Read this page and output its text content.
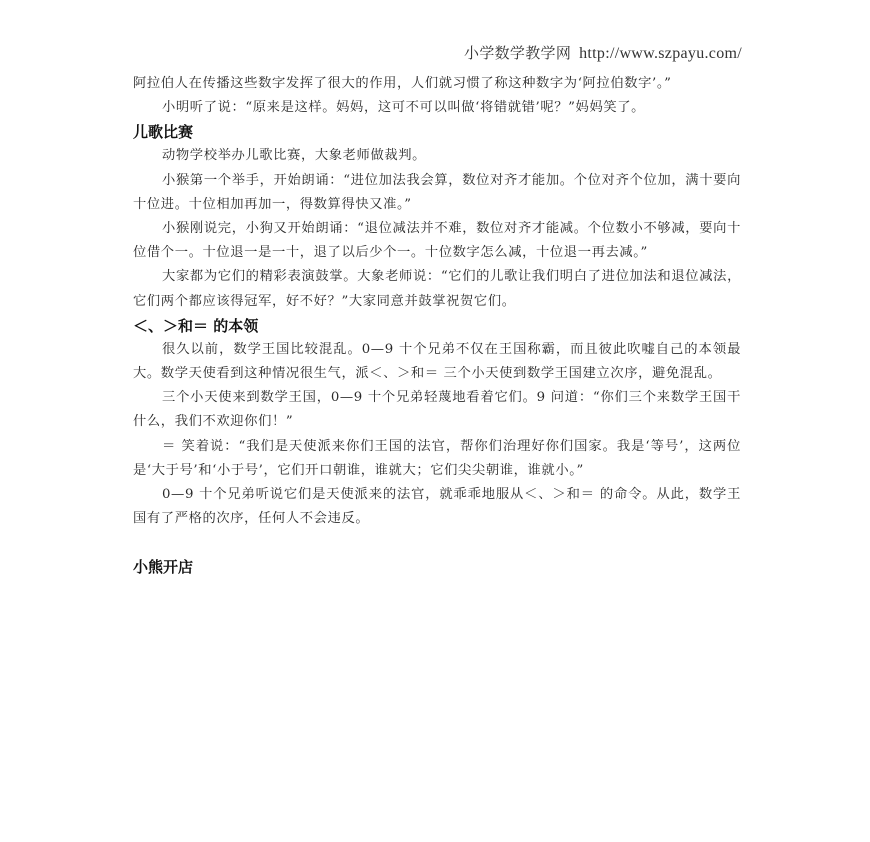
小学数学教学网 http://www.szpayu.com/

阿拉伯人在传播这些数字发挥了很大的作用，人们就习惯了称这种数字为‘阿拉伯数字’。”

小明听了说：“原来是这样。妈妈，这可不可以叫做‘将错就错’呢？”妈妈笑了。

儿歌比赛

动物学校举办儿歌比赛，大象老师做裁判。

小猴第一个举手，开始朗诵：“进位加法我会算，数位对齐才能加。个位对齐个位加，满十要向十位进。十位相加再加一，得数算得快又准。”

小猴刚说完，小狗又开始朗诵：“退位减法并不难，数位对齐才能减。个位数小不够减，要向十位借个一。十位退一是一十，退了以后少个一。十位数字怎么减，十位退一再去减。”

大家都为它们的精彩表演鼓掌。大象老师说：“它们的儿歌让我们明白了进位加法和退位减法，它们两个都应该得冠军，好不好？”大家同意并鼓掌祝贺它们。

＜、＞和＝ 的本领

很久以前，数学王国比较混乱。0—9 十个兄弟不仅在王国称霸，而且彼此吹嘘自己的本领最大。数学天使看到这种情况很生气，派＜、＞和＝ 三个小天使到数学王国建立次序，避免混乱。

三个小天使来到数学王国，0—9 十个兄弟轻蔑地看着它们。9 问道：“你们三个来数学王国干什么，我们不欢迎你们！”

＝ 笑着说：“我们是天使派来你们王国的法官，帮你们治理好你们国家。我是‘等号’，这两位是‘大于号’和‘小于号’，它们开口朝谁，谁就大；它们尖尖朝谁，谁就小。”

0—9 十个兄弟听说它们是天使派来的法官，就乖乖地服从＜、＞和＝ 的命令。从此，数学王国有了严格的次序，任何人不会违反。

小熊开店
